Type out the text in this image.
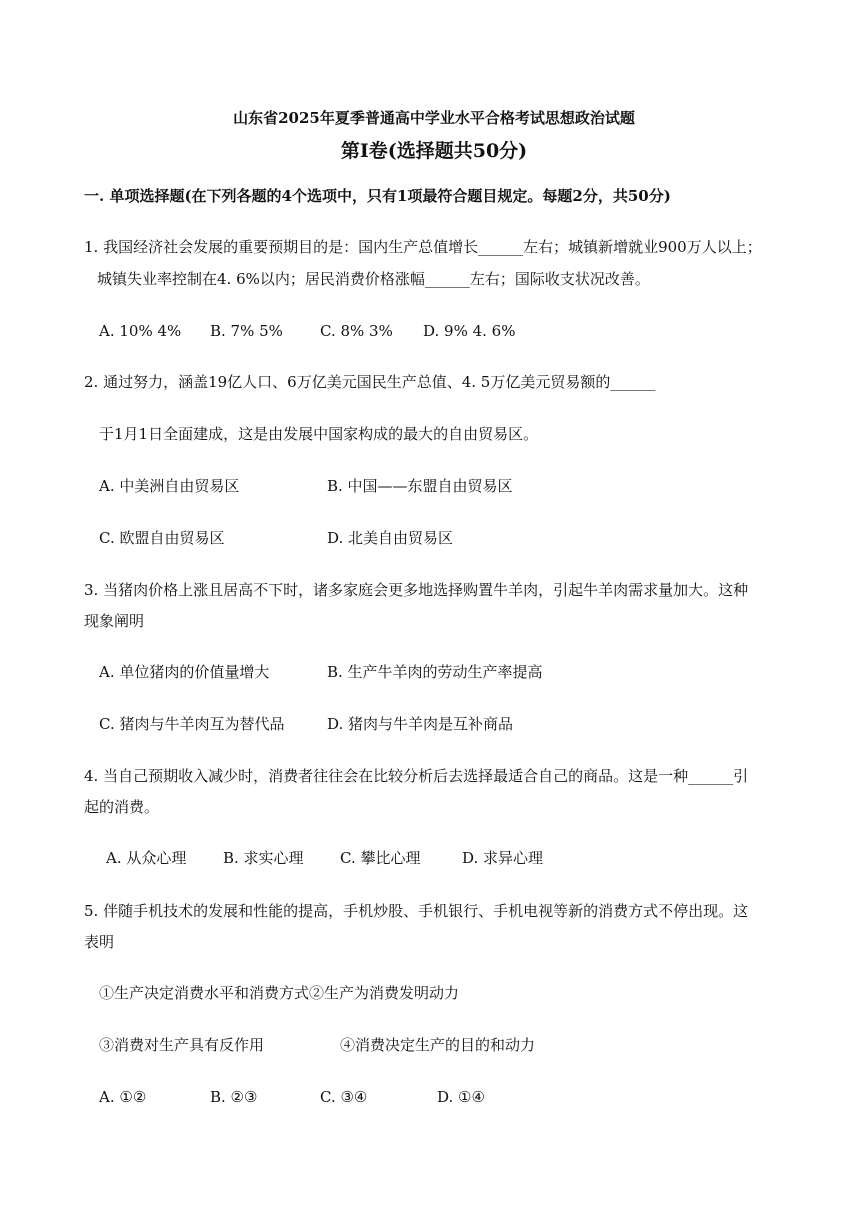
山东省2025年夏季普通高中学业水平合格考试思想政治试题
第Ⅰ卷(选择题共50分)
一. 单项选择题(在下列各题的4个选项中，只有1项最符合题目规定。每题2分，共50分)
1. 我国经济社会发展的重要预期目的是：国内生产总值增长______左右；城镇新增就业900万人以上；
城镇失业率控制在4. 6%以内；居民消费价格涨幅______左右；国际收支状况改善。
A. 10% 4% B. 7% 5% C. 8% 3% D. 9% 4. 6%
2. 通过努力，涵盖19亿人口、6万亿美元国民生产总值、4. 5万亿美元贸易额的______
于1月1日全面建成，这是由发展中国家构成的最大的自由贸易区。
A. 中美洲自由贸易区	B. 中国——东盟自由贸易区
C. 欧盟自由贸易区	D. 北美自由贸易区
3. 当猪肉价格上涨且居高不下时，诸多家庭会更多地选择购置牛羊肉，引起牛羊肉需求量加大。这种
现象阐明
A. 单位猪肉的价值量增大	B. 生产牛羊肉的劳动生产率提高
C. 猪肉与牛羊肉互为替代品	D. 猪肉与牛羊肉是互补商品
4. 当自己预期收入减少时，消费者往往会在比较分析后去选择最适合自己的商品。这是一种______引
起的消费。
A. 从众心理 B. 求实心理 C. 攀比心理	D. 求异心理
5. 伴随手机技术的发展和性能的提高，手机炒股、手机银行、手机电视等新的消费方式不停出现。这
表明
①生产决定消费水平和消费方式②生产为消费发明动力
③消费对生产具有反作用	④消费决定生产的目的和动力
A. ①②	B. ②③	C. ③④	D. ①④
